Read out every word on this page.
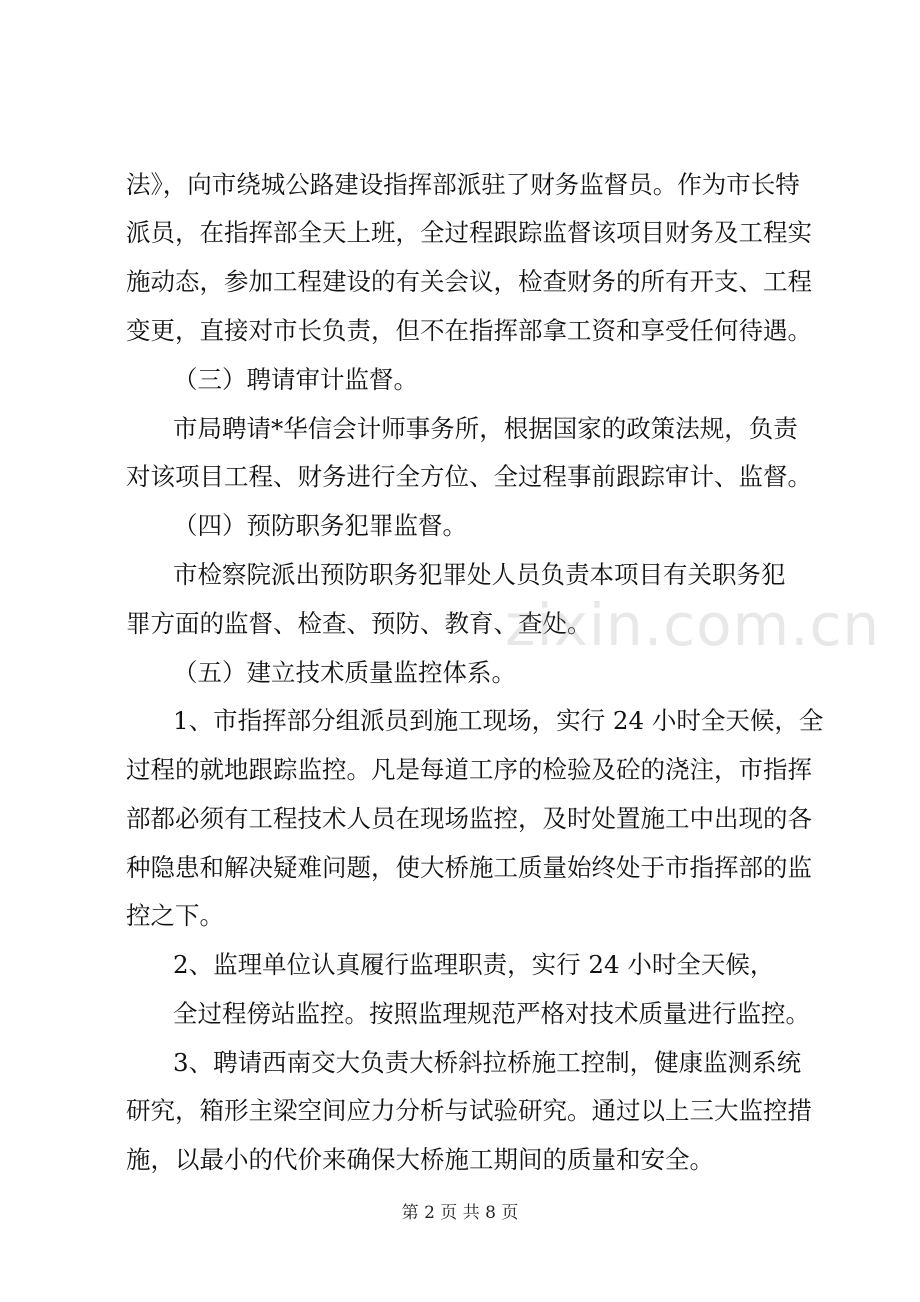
法》，向市绕城公路建设指挥部派驻了财务监督员。作为市长特
派员，在指挥部全天上班，全过程跟踪监督该项目财务及工程实
施动态，参加工程建设的有关会议，检查财务的所有开支、工程
变更，直接对市长负责，但不在指挥部拿工资和享受任何待遇。
（三）聘请审计监督。
市局聘请*华信会计师事务所，根据国家的政策法规，负责
对该项目工程、财务进行全方位、全过程事前跟踪审计、监督。
（四）预防职务犯罪监督。
市检察院派出预防职务犯罪处人员负责本项目有关职务犯
罪方面的监督、检查、预防、教育、查处。
（五）建立技术质量监控体系。
1、市指挥部分组派员到施工现场，实行 24 小时全天候，全
过程的就地跟踪监控。凡是每道工序的检验及砼的浇注，市指挥
部都必须有工程技术人员在现场监控，及时处置施工中出现的各
种隐患和解决疑难问题，使大桥施工质量始终处于市指挥部的监
控之下。
2、监理单位认真履行监理职责，实行 24 小时全天候，
全过程傍站监控。按照监理规范严格对技术质量进行监控。
3、聘请西南交大负责大桥斜拉桥施工控制，健康监测系统
研究，箱形主梁空间应力分析与试验研究。通过以上三大监控措
施，以最小的代价来确保大桥施工期间的质量和安全。
zixin.com.cn
第 2 页 共 8 页
